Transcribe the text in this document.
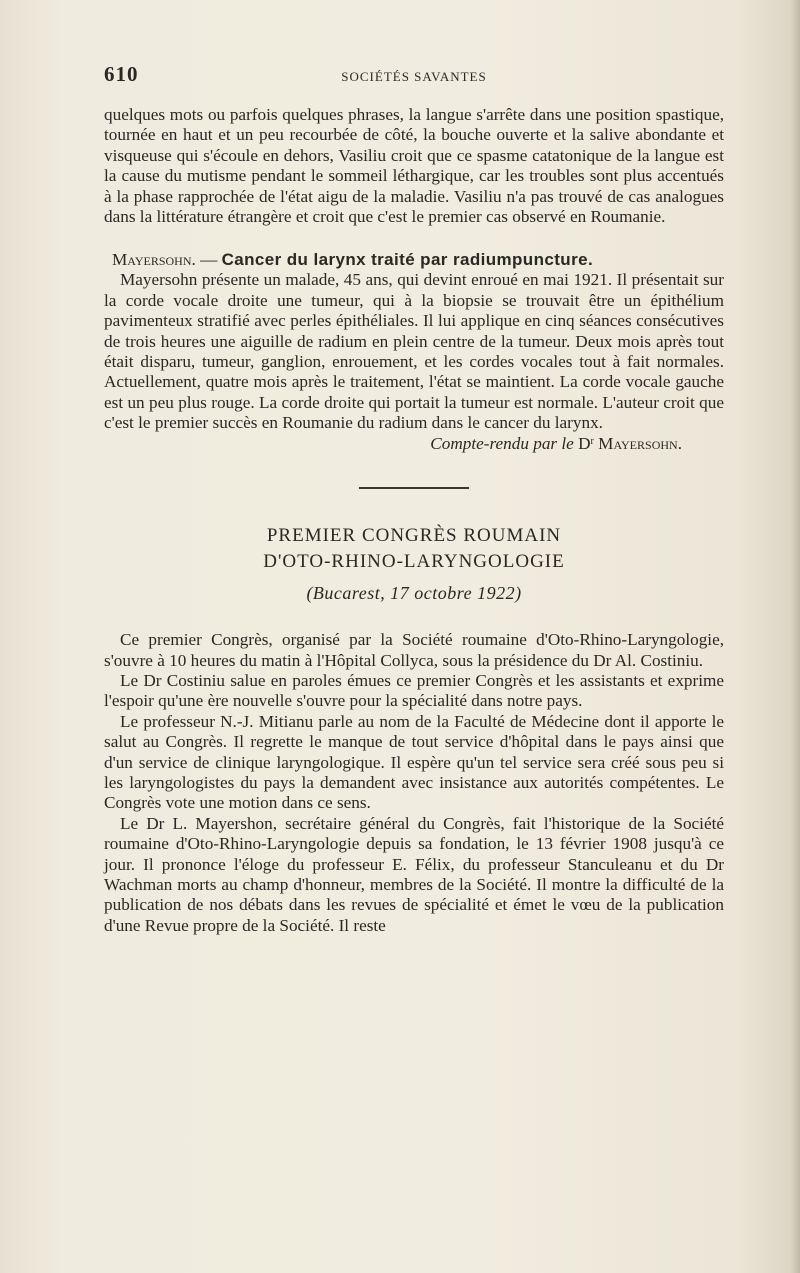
610	SOCIÉTÉS SAVANTES

quelques mots ou parfois quelques phrases, la langue s'arrête dans une position spastique, tournée en haut et un peu recourbée de côté, la bouche ouverte et la salive abondante et visqueuse qui s'écoule en dehors, Vasiliu croit que ce spasme catatonique de la langue est la cause du mutisme pendant le sommeil léthargique, car les troubles sont plus accentués à la phase rapprochée de l'état aigu de la maladie. Vasiliu n'a pas trouvé de cas analogues dans la littérature étrangère et croit que c'est le premier cas observé en Roumanie.

Mayersohn. — Cancer du larynx traité par radiumpuncture.

Mayersohn présente un malade, 45 ans, qui devint enroué en mai 1921. Il présentait sur la corde vocale droite une tumeur, qui à la biopsie se trouvait être un épithélium pavimenteux stratifié avec perles épithéliales. Il lui applique en cinq séances consécutives de trois heures une aiguille de radium en plein centre de la tumeur. Deux mois après tout était disparu, tumeur, ganglion, enrouement, et les cordes vocales tout à fait normales. Actuellement, quatre mois après le traitement, l'état se maintient. La corde vocale gauche est un peu plus rouge. La corde droite qui portait la tumeur est normale. L'auteur croit que c'est le premier succès en Roumanie du radium dans le cancer du larynx.

Compte-rendu par le $D^r$ Mayersohn.
PREMIER CONGRÈS ROUMAIN
D'OTO-RHINO-LARYNGOLOGIE
(Bucarest, 17 octobre 1922)

Ce premier Congrès, organisé par la Société roumaine d'Oto-Rhino-Laryngologie, s'ouvre à 10 heures du matin à l'Hôpital Collyca, sous la présidence du Dr Al. Costiniu.

Le Dr Costiniu salue en paroles émues ce premier Congrès et les assistants et exprime l'espoir qu'une ère nouvelle s'ouvre pour la spécialité dans notre pays.

Le professeur N.-J. Mitianu parle au nom de la Faculté de Médecine dont il apporte le salut au Congrès. Il regrette le manque de tout service d'hôpital dans le pays ainsi que d'un service de clinique laryngologique. Il espère qu'un tel service sera créé sous peu si les laryngologistes du pays la demandent avec insistance aux autorités compétentes. Le Congrès vote une motion dans ce sens.

Le Dr L. Mayershon, secrétaire général du Congrès, fait l'historique de la Société roumaine d'Oto-Rhino-Laryngologie depuis sa fondation, le 13 février 1908 jusqu'à ce jour. Il prononce l'éloge du professeur E. Félix, du professeur Stanculeanu et du Dr Wachman morts au champ d'honneur, membres de la Société. Il montre la difficulté de la publication de nos débats dans les revues de spécialité et émet le vœu de la publication d'une Revue propre de la Société. Il reste
